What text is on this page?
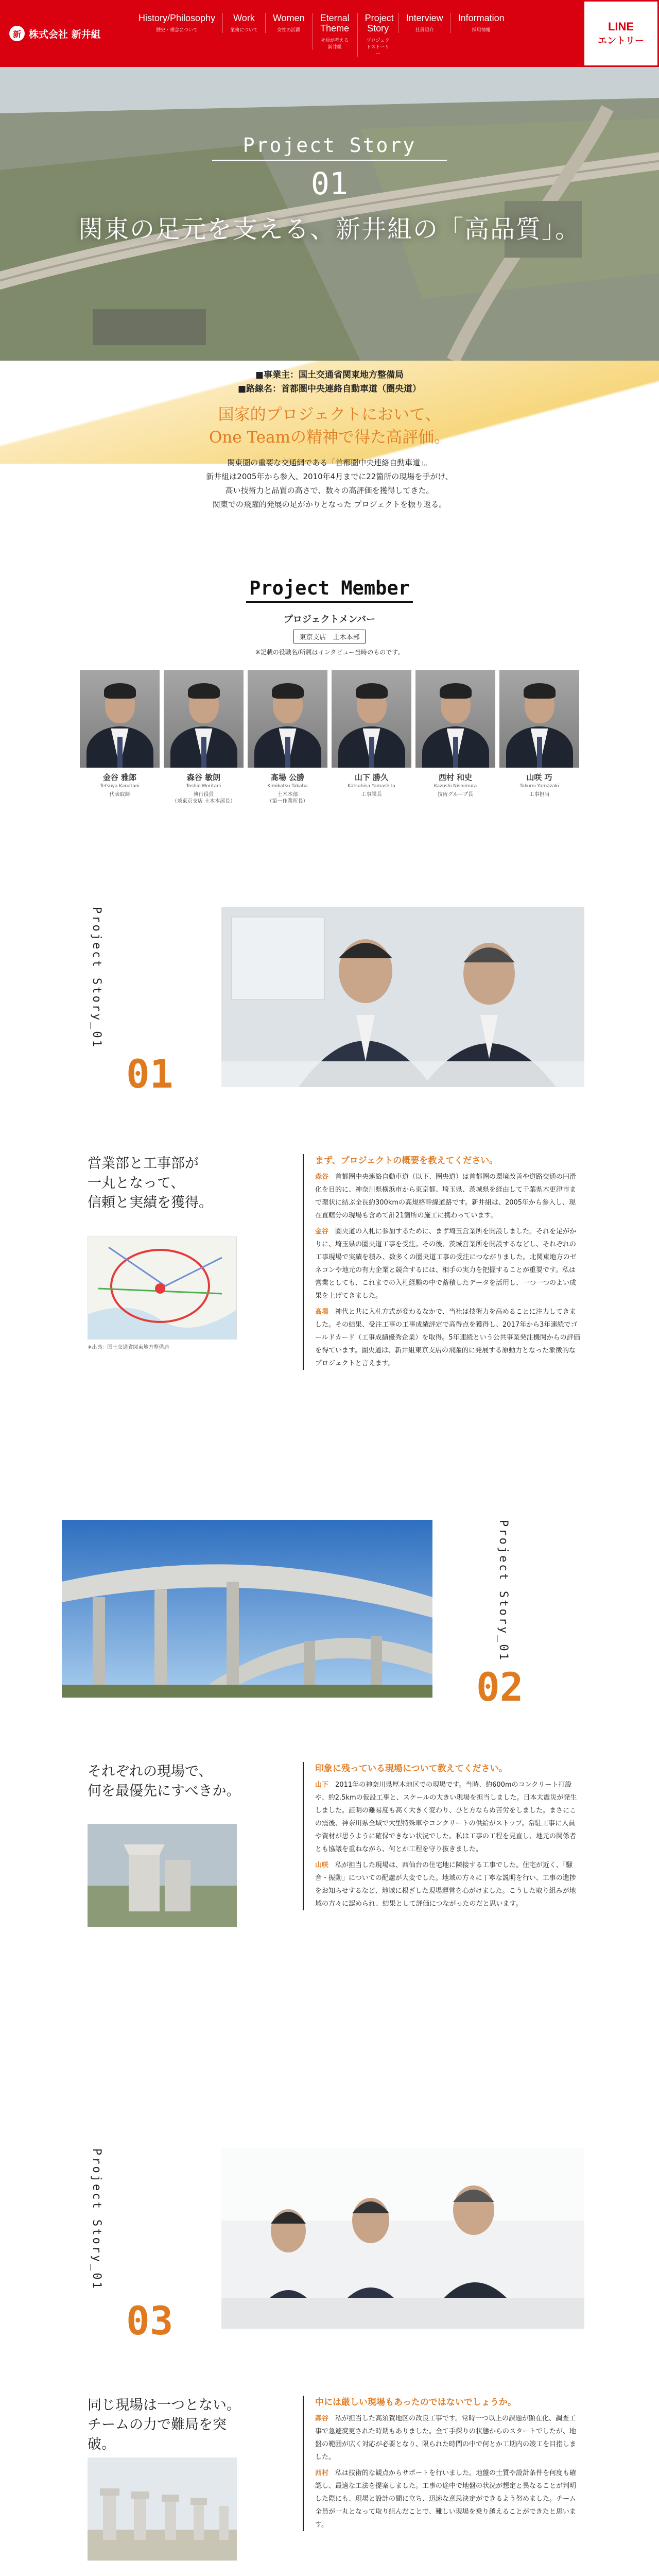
新 株式会社 新井組
History/Philosophy
歴史・理念について
Work
業務について
Women
女性の活躍
Eternal Theme
社員が考える新井組
Project Story
プロジェクトストーリー
Interview
社員紹介
Information
採用情報	LINE
エントリー
Project Story
01
関東の足元を支える、新井組の「高品質」。

■事業主：国土交通省関東地方整備局

■路線名：首都圏中央連絡自動車道（圏央道）

国家的プロジェクトにおいて、
One Teamの精神で得た高評価。
関東圏の重要な交通網である「首都圏中央連絡自動車道」。
新井組は2005年から参入、2010年4月までに22箇所の現場を手がけ、
高い技術力と品質の高さで、数々の高評価を獲得してきた。
関東での飛躍的発展の足がかりとなった プロジェクトを振り返る。
Project Member
プロジェクトメンバー
東京支店　土木本部
※記載の役職名/所属はインタビュー当時のものです。
金谷 雅郎
Tetsuya Kanatani
代表取締
森谷 敏朗
Toshio Moritani
執行役員
（兼東京支店 土木本部長）
髙場 公勝
Kimikatsu Takaba
土木本部
（第一作業所長）
山下 勝久
Katsuhisa Yamashita
工事課長
西村 和史
Kazushi Nishimura
技術グループ長
山咲 巧
Takumi Yamazaki
工事担当
Project Story_01
01
営業部と工事部が
一丸となって、
信頼と実績を獲得。
※出典：国土交通省関東地方整備局
まず、プロジェクトの概要を教えてください。

森谷　 首都圏中央連絡自動車道（以下、圏央道）は首都圏の環境改善や道路交通の円滑化を目的に、神奈川県横浜市から東京都、埼玉県、茨城県を経由して千葉県木更津市まで環状に結ぶ全長約300kmの高規格幹線道路です。新井組は、2005年から参入し、現在直轄分の現場も含めて計21箇所の施工に携わっています。

金谷　 圏央道の入札に参加するために、まず埼玉営業所を開設しました。それを足がかりに、埼玉県の圏央道工事を受注。その後、茨城営業所を開設するなどし、それぞれの工事現場で実績を積み、数多くの圏央道工事の受注につながりました。北関東地方のゼネコンや地元の有力企業と競合するには、相手の実力を把握することが重要です。私は営業としても、これまでの入札経験の中で蓄積したデータを活用し、一つ一つのよい成果を上げてきました。

髙場　 神代と共に入札方式が変わるなかで、当社は技術力を高めることに注力してきました。その結果、受注工事の工事成績評定で高得点を獲得し、2017年から3年連続でゴールドカード（工事成績優秀企業）を取得。5年連続という公共事業発注機関からの評価を得ています。圏央道は、新井組東京支店の飛躍的に発展する原動力となった象徴的なプロジェクトと言えます。

Project Story_01
02
それぞれの現場で、
何を最優先にすべきか。
印象に残っている現場について教えてください。

山下　 2011年の神奈川県厚木地区での現場です。当時、約600mのコンクリート打設や、約2.5kmの仮設工事と、スケールの大きい現場を担当しました。日本大震災が発生しました。証明の難易度も高く大きく変わり、ひと方ならぬ苦労をしました。まさにこの震後、神奈川県全域で大型特殊車やコンクリートの供給がストップ。常駐工事に人員や資材が思うように確保できない状況でした。私は工事の工程を見直し、地元の関係者とも協議を重ねながら、何とか工程を守り抜きました。

山咲　 私が担当した現場は、西仙台の住宅地に隣接する工事でした。住宅が近く、「騒音・振動」についての配慮が大変でした。地域の方々に丁寧な説明を行い、工事の進捗をお知らせするなど、地域に根ざした現場運営を心がけました。こうした取り組みが地域の方々に認められ、結果として評価につながったのだと思います。

Project Story_01
03
同じ現場は一つとない。
チームの力で難局を突破。
中には厳しい現場もあったのではないでしょうか。

森谷　 私が担当した高須賀地区の改良工事です。常時一つ以上の課題が顕在化、調査工事で急遽変更された時期もありました。全て手探りの状態からのスタートでしたが、地盤の範囲が広く対応が必要となり、限られた時間の中で何とか工期内の竣工を目指しました。

西村　 私は技術的な観点からサポートを行いました。地盤の土質や設計条件を何度も確認し、最適な工法を提案しました。工事の途中で地盤の状況が想定と異なることが判明した際にも、現場と設計の間に立ち、迅速な意思決定ができるよう努めました。チーム全員が一丸となって取り組んだことで、難しい現場を乗り越えることができたと思います。
